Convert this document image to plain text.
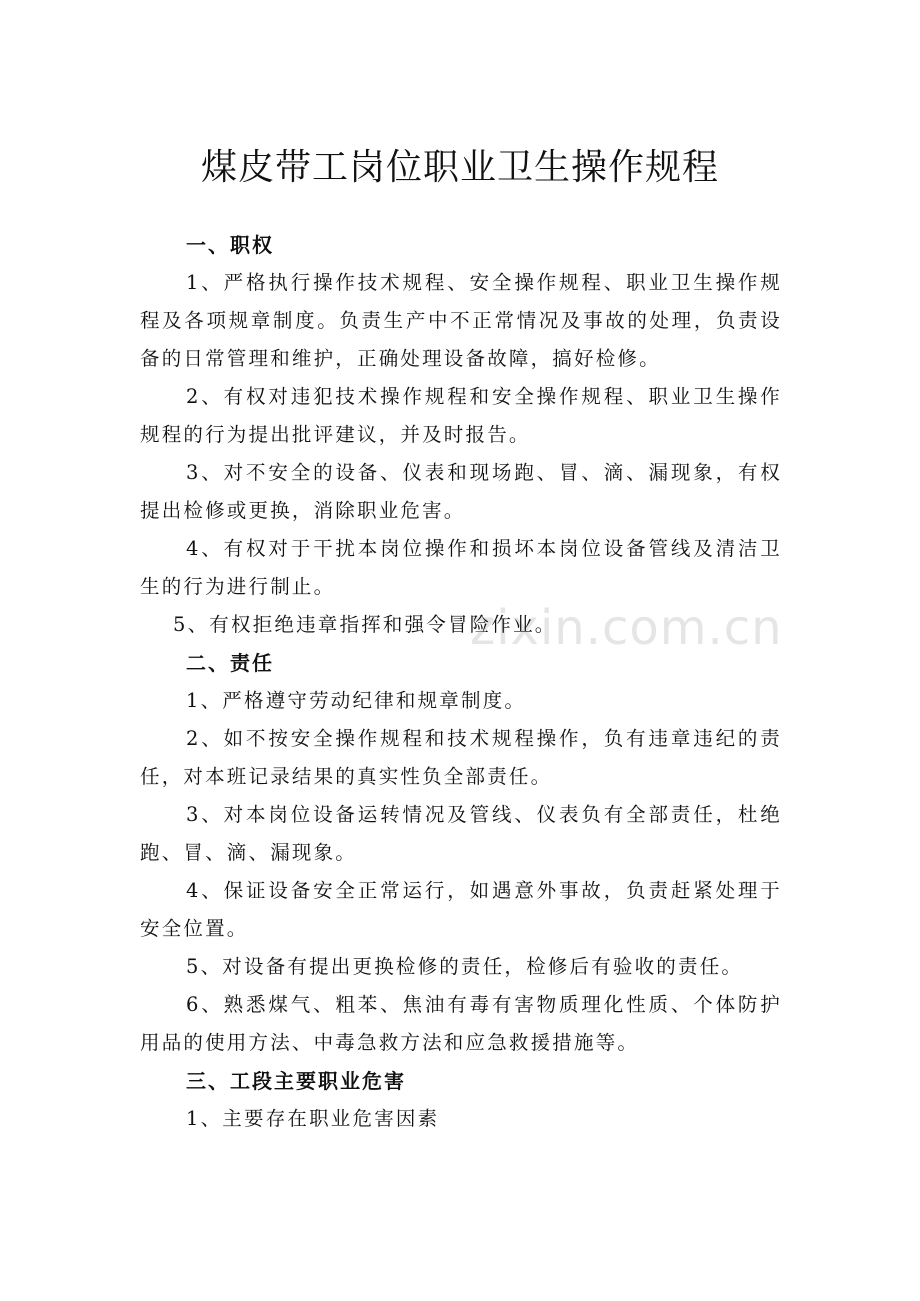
zixin.com.cn
煤皮带工岗位职业卫生操作规程
一、职权

1、严格执行操作技术规程、安全操作规程、职业卫生操作规程及各项规章制度。负责生产中不正常情况及事故的处理，负责设备的日常管理和维护，正确处理设备故障，搞好检修。

2、有权对违犯技术操作规程和安全操作规程、职业卫生操作规程的行为提出批评建议，并及时报告。

3、对不安全的设备、仪表和现场跑、冒、滴、漏现象，有权提出检修或更换，消除职业危害。

4、有权对于干扰本岗位操作和损坏本岗位设备管线及清洁卫生的行为进行制止。

5、有权拒绝违章指挥和强令冒险作业。

二、责任

1、严格遵守劳动纪律和规章制度。

2、如不按安全操作规程和技术规程操作，负有违章违纪的责任，对本班记录结果的真实性负全部责任。

3、对本岗位设备运转情况及管线、仪表负有全部责任，杜绝跑、冒、滴、漏现象。

4、保证设备安全正常运行，如遇意外事故，负责赶紧处理于安全位置。

5、对设备有提出更换检修的责任，检修后有验收的责任。

6、熟悉煤气、粗苯、焦油有毒有害物质理化性质、个体防护用品的使用方法、中毒急救方法和应急救援措施等。

三、工段主要职业危害

1、主要存在职业危害因素
